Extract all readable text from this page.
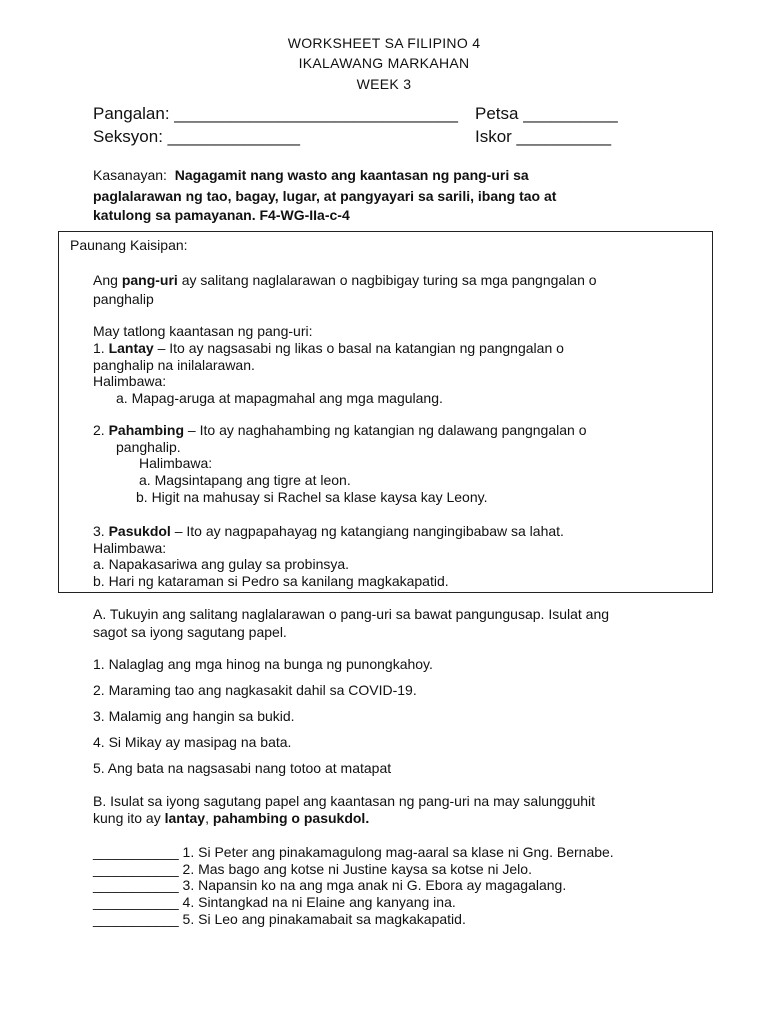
WORKSHEET SA FILIPINO 4
IKALAWANG MARKAHAN
WEEK 3
Pangalan: ______________________________ Petsa __________
Seksyon: ______________	Iskor __________
Kasanayan: Nagagamit nang wasto ang kaantasan ng pang-uri sa
paglalarawan ng tao, bagay, lugar, at pangyayari sa sarili, ibang tao at
katulong sa pamayanan. F4-WG-IIa-c-4
Paunang Kaisipan:
Ang pang-uri ay salitang naglalarawan o nagbibigay turing sa mga pangngalan o
panghalip
May tatlong kaantasan ng pang-uri:
1. Lantay – Ito ay nagsasabi ng likas o basal na katangian ng pangngalan o
panghalip na inilalarawan.
Halimbawa:
a. Mapag-aruga at mapagmahal ang mga magulang.
2. Pahambing – Ito ay naghahambing ng katangian ng dalawang pangngalan o
panghalip.
Halimbawa:
a. Magsintapang ang tigre at leon.
b. Higit na mahusay si Rachel sa klase kaysa kay Leony.
3. Pasukdol – Ito ay nagpapahayag ng katangiang nangingibabaw sa lahat.
Halimbawa:
a. Napakasariwa ang gulay sa probinsya.
b. Hari ng kataraman si Pedro sa kanilang magkakapatid.
A. Tukuyin ang salitang naglalarawan o pang-uri sa bawat pangungusap. Isulat ang
sagot sa iyong sagutang papel.
1. Nalaglag ang mga hinog na bunga ng punongkahoy.
2. Maraming tao ang nagkasakit dahil sa COVID-19.
3. Malamig ang hangin sa bukid.
4. Si Mikay ay masipag na bata.
5. Ang bata na nagsasabi nang totoo at matapat
B. Isulat sa iyong sagutang papel ang kaantasan ng pang-uri na may salungguhit
kung ito ay lantay, pahambing o pasukdol.
___________ 1. Si Peter ang pinakamagulong mag-aaral sa klase ni Gng. Bernabe.
___________ 2. Mas bago ang kotse ni Justine kaysa sa kotse ni Jelo.
___________ 3. Napansin ko na ang mga anak ni G. Ebora ay magagalang.
___________ 4. Sintangkad na ni Elaine ang kanyang ina.
___________ 5. Si Leo ang pinakamabait sa magkakapatid.
